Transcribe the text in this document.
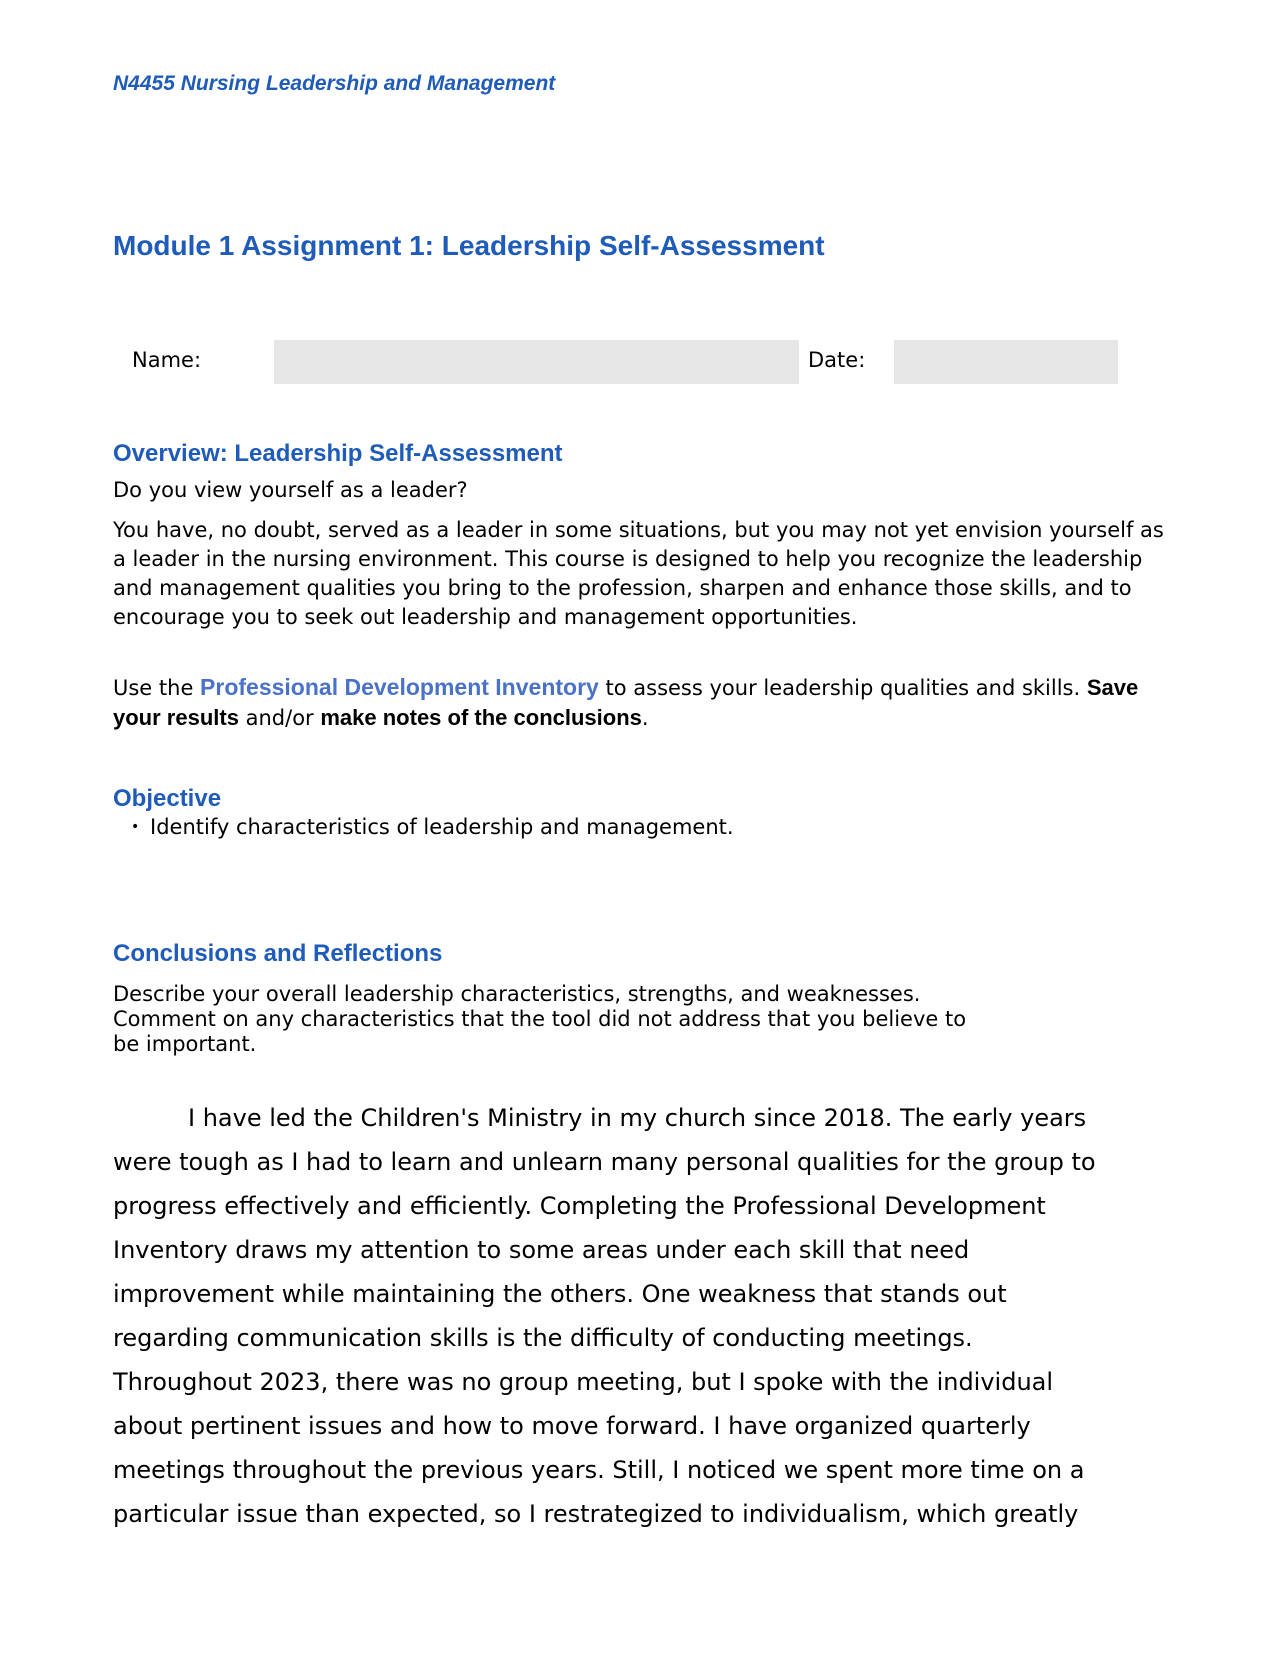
N4455 Nursing Leadership and Management
Module 1 Assignment 1: Leadership Self-Assessment
Name:	Date:
Overview: Leadership Self-Assessment

Do you view yourself as a leader?

You have, no doubt, served as a leader in some situations, but you may not yet envision yourself as a leader in the nursing environment. This course is designed to help you recognize the leadership and management qualities you bring to the profession, sharpen and enhance those skills, and to encourage you to seek out leadership and management opportunities.

Use the Professional Development Inventory to assess your leadership qualities and skills. Save your results and/or make notes of the conclusions.

Objective
• Identify characteristics of leadership and management.
Conclusions and Reflections

Describe your overall leadership characteristics, strengths, and weaknesses.
Comment on any characteristics that the tool did not address that you believe to
be important.

I have led the Children's Ministry in my church since 2018. The early years
were tough as I had to learn and unlearn many personal qualities for the group to
progress effectively and efficiently. Completing the Professional Development
Inventory draws my attention to some areas under each skill that need
improvement while maintaining the others. One weakness that stands out
regarding communication skills is the difficulty of conducting meetings.
Throughout 2023, there was no group meeting, but I spoke with the individual
about pertinent issues and how to move forward. I have organized quarterly
meetings throughout the previous years. Still, I noticed we spent more time on a
particular issue than expected, so I restrategized to individualism, which greatly
